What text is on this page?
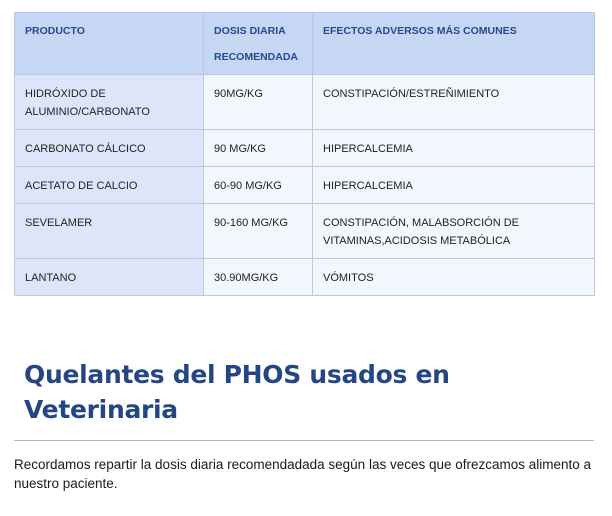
PRODUCTO	DOSIS DIARIA RECOMENDADA	EFECTOS ADVERSOS MÁS COMUNES
HIDRÓXIDO DE ALUMINIO/CARBONATO	90MG/KG	CONSTIPACIÓN/ESTREÑIMIENTO
CARBONATO CÁLCICO	90 MG/KG	HIPERCALCEMIA
ACETATO DE CALCIO	60-90 MG/KG	HIPERCALCEMIA
SEVELAMER	90-160 MG/KG	CONSTIPACIÓN, MALABSORCIÓN DE VITAMINAS,ACIDOSIS METABÓLICA
LANTANO	30.90MG/KG	VÓMITOS
Quelantes del PHOS usados en Veterinaria

Recordamos repartir la dosis diaria recomendadada según las veces que ofrezcamos alimento a nuestro paciente.
